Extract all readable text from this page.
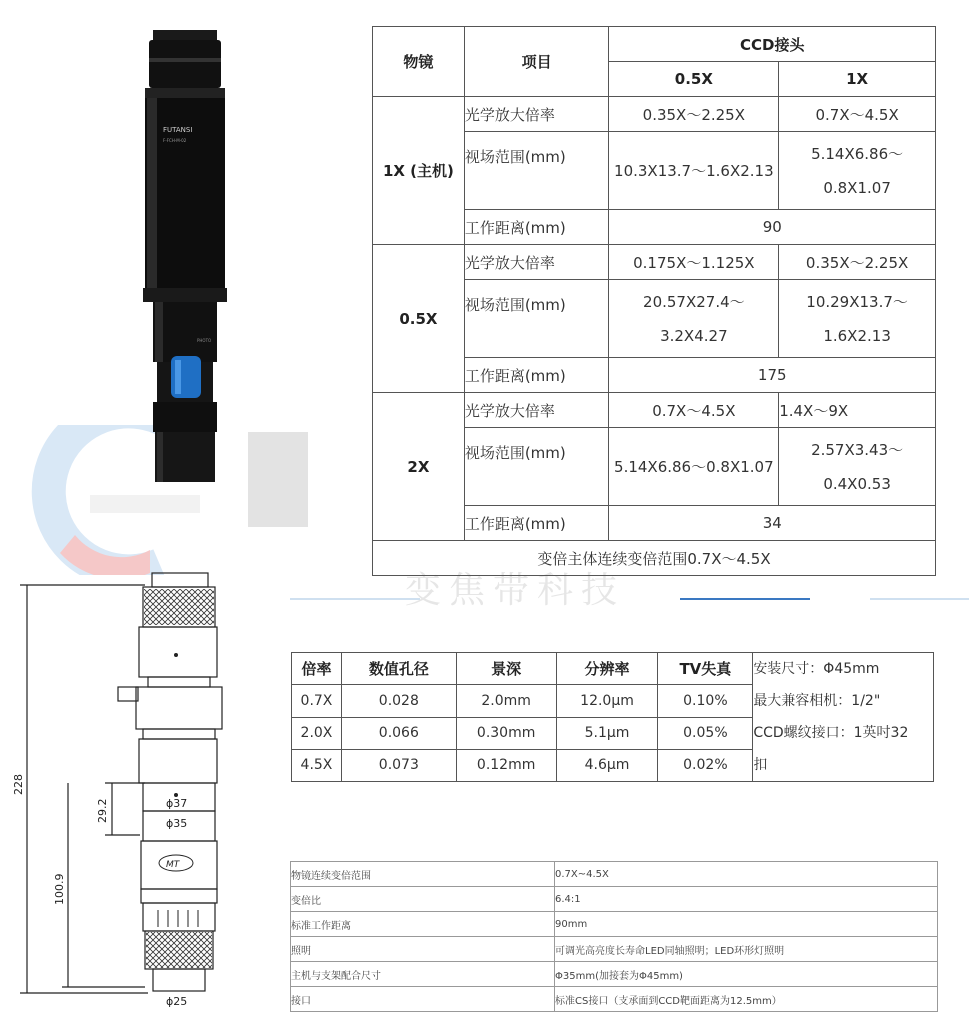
变焦带科技
FUTANSI
F-FCH-M-02
PHOTO
MT
ϕ37
ϕ35
ϕ25
228
29.2
100.9
物镜	项目	CCD接头	
		0.5X	1X
1X (主机)	光学放大倍率	0.35X～2.25X	0.7X～4.5X
	视场范围(mm)	10.3X13.7～1.6X2.13	5.14X6.86～
0.8X1.07
	工作距离(mm)	90	
0.5X	光学放大倍率	0.175X～1.125X	0.35X～2.25X
	视场范围(mm)	20.57X27.4～
3.2X4.27	10.29X13.7～
1.6X2.13
	工作距离(mm)	175	
2X	光学放大倍率	0.7X～4.5X	1.4X～9X
	视场范围(mm)	5.14X6.86～0.8X1.07	2.57X3.43～
0.4X0.53
	工作距离(mm)	34	
变倍主体连续变倍范围0.7X～4.5X			
倍率	数值孔径	景深	分辨率	TV失真	安装尺寸：Φ45mm
最大兼容相机：1/2"
CCD螺纹接口：1英吋32
扣

0.7X	0.028	2.0mm	12.0μm	0.10%	
2.0X	0.066	0.30mm	5.1μm	0.05%	
4.5X	0.073	0.12mm	4.6μm	0.02%	
物镜连续变倍范围	0.7X~4.5X
变倍比	6.4:1
标准工作距离	90mm
照明	可调光高亮度长寿命LED同轴照明；LED环形灯照明
主机与支架配合尺寸	Φ35mm(加接套为Φ45mm)
接口	标准CS接口（支承面到CCD靶面距离为12.5mm）
